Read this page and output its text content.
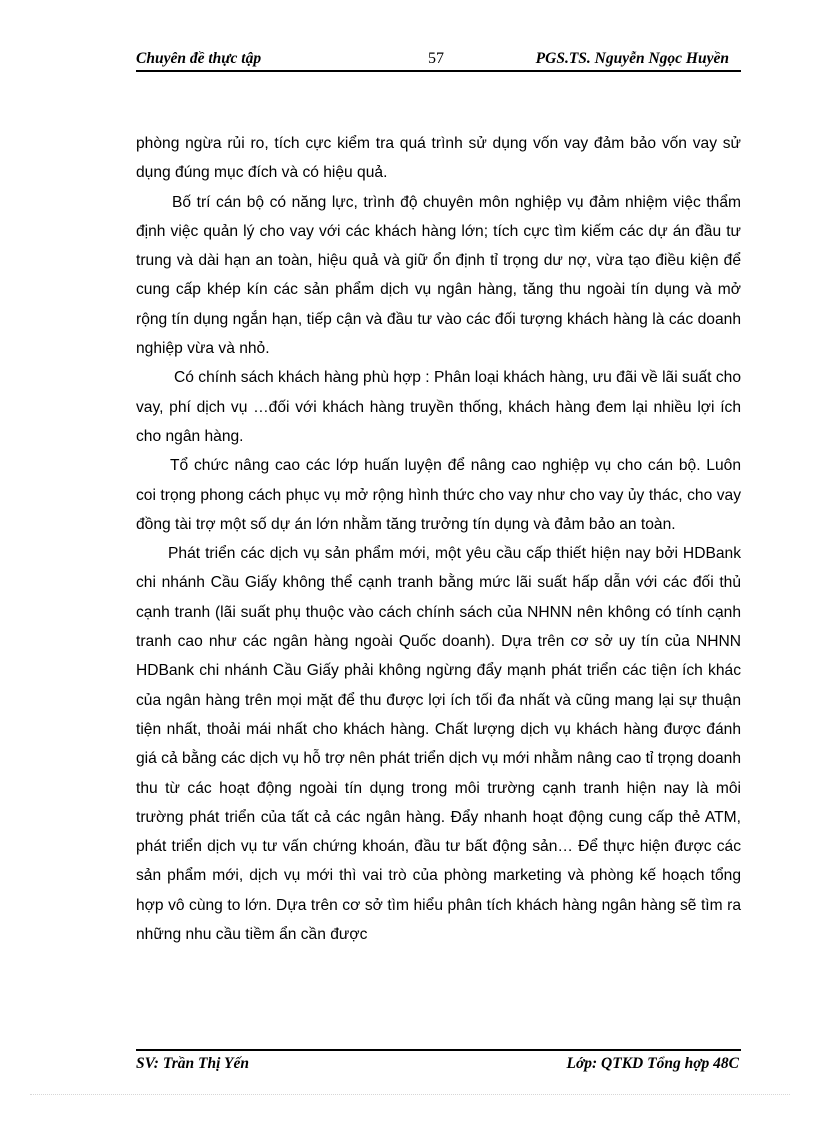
Chuyên đề thực tập	57	PGS.TS. Nguyễn Ngọc Huyền

phòng ngừa rủi ro, tích cực kiểm tra quá trình sử dụng vốn vay đảm bảo vốn vay sử dụng đúng mục đích và có hiệu quả.

Bố trí cán bộ có năng lực, trình độ chuyên môn nghiệp vụ đảm nhiệm việc thẩm định việc quản lý cho vay với các khách hàng lớn; tích cực tìm kiếm các dự án đầu tư trung và dài hạn an toàn, hiệu quả và giữ ổn định tỉ trọng dư nợ, vừa tạo điều kiện để cung cấp khép kín các sản phẩm dịch vụ ngân hàng, tăng thu ngoài tín dụng và mở rộng tín dụng ngắn hạn, tiếp cận và đầu tư vào các đối tượng khách hàng là các doanh nghiệp vừa và nhỏ.

Có chính sách khách hàng phù hợp : Phân loại khách hàng, ưu đãi về lãi suất cho vay, phí dịch vụ …đối với khách hàng truyền thống, khách hàng đem lại nhiều lợi ích cho ngân hàng.

Tổ chức nâng cao các lớp huấn luyện để nâng cao nghiệp vụ cho cán bộ. Luôn coi trọng phong cách phục vụ mở rộng hình thức cho vay như cho vay ủy thác, cho vay đồng tài trợ một số dự án lớn nhằm tăng trưởng tín dụng và đảm bảo an toàn.

Phát triển các dịch vụ sản phẩm mới, một yêu cầu cấp thiết hiện nay bởi HDBank chi nhánh Cầu Giấy không thể cạnh tranh bằng mức lãi suất hấp dẫn với các đối thủ cạnh tranh (lãi suất phụ thuộc vào cách chính sách của NHNN nên không có tính cạnh tranh cao như các ngân hàng ngoài Quốc doanh). Dựa trên cơ sở uy tín của NHNN HDBank chi nhánh Cầu Giấy phải không ngừng đẩy mạnh phát triển các tiện ích khác của ngân hàng trên mọi mặt để thu được lợi ích tối đa nhất và cũng mang lại sự thuận tiện nhất, thoải mái nhất cho khách hàng. Chất lượng dịch vụ khách hàng được đánh giá cả bằng các dịch vụ hỗ trợ nên phát triển dịch vụ mới nhằm nâng cao tỉ trọng doanh thu từ các hoạt động ngoài tín dụng trong môi trường cạnh tranh hiện nay là môi trường phát triển của tất cả các ngân hàng. Đẩy nhanh hoạt động cung cấp thẻ ATM, phát triển dịch vụ tư vấn chứng khoán, đầu tư bất động sản… Để thực hiện được các sản phẩm mới, dịch vụ mới thì vai trò của phòng marketing và phòng kế hoạch tổng hợp vô cùng to lớn. Dựa trên cơ sở tìm hiểu phân tích khách hàng ngân hàng sẽ tìm ra những nhu cầu tiềm ẩn cần được

SV: Trần Thị Yến	Lớp: QTKD Tổng hợp 48C
